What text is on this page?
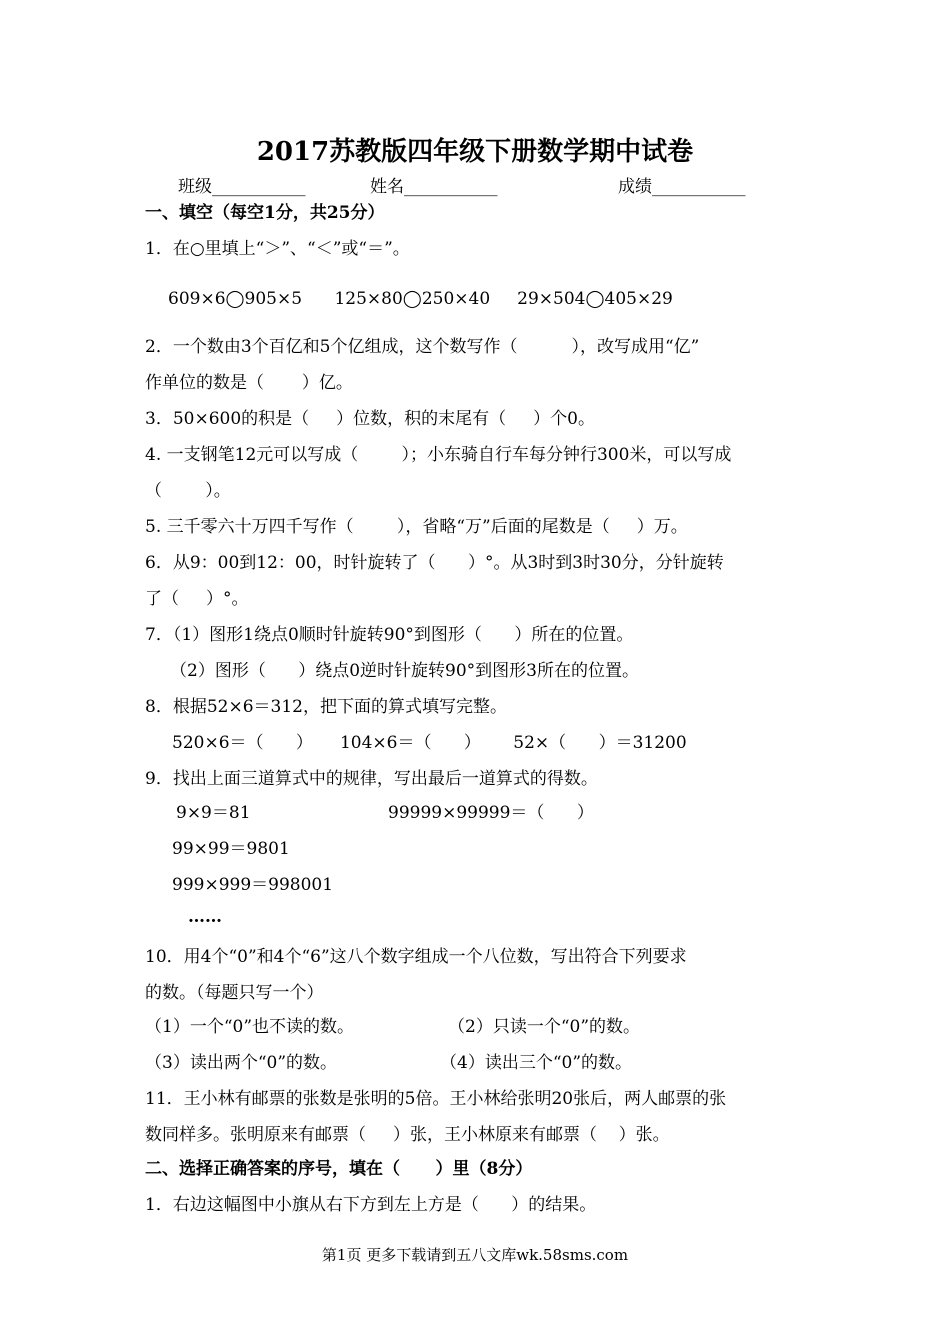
2017苏教版四年级下册数学期中试卷
班级___________	姓名___________	成绩___________
一、填空（每空1分，共25分）
1．在○里填上“＞”、“＜”或“＝”。
609×6◯905×5      125×80◯250×40     29×504◯405×29
2．一个数由3个百亿和5个亿组成，这个数写作（          ），改写成用“亿”
作单位的数是（       ）亿。
3．50×600的积是（     ）位数，积的末尾有（     ）个0。
4. 一支钢笔12元可以写成（        ）；小东骑自行车每分钟行300米，可以写成
（        ）。
5. 三千零六十万四千写作（        ），省略“万”后面的尾数是（     ）万。
6．从9：00到12：00，时针旋转了（      ）°。从3时到3时30分，分针旋转
了（     ）°。
7．（1）图形1绕点0顺时针旋转90°到图形（      ）所在的位置。
（2）图形（      ）绕点0逆时针旋转90°到图形3所在的位置。
8．根据52×6＝312，把下面的算式填写完整。
520×6＝（      ）     104×6＝（      ）      52×（      ）＝31200
9．找出上面三道算式中的规律，写出最后一道算式的得数。
9×9＝81	99999×99999＝（      ）
99×99＝9801
999×999＝998001
……
10．用4个“0”和4个“6”这八个数字组成一个八位数，写出符合下列要求
的数。（每题只写一个）
（1）一个“0”也不读的数。	（2）只读一个“0”的数。
（3）读出两个“0”的数。	（4）读出三个“0”的数。
11．王小林有邮票的张数是张明的5倍。王小林给张明20张后，两人邮票的张
数同样多。张明原来有邮票（     ）张，王小林原来有邮票（    ）张。
二、选择正确答案的序号，填在（      ）里（8分）
1．右边这幅图中小旗从右下方到左上方是（      ）的结果。
第1页 更多下载请到五八文库wk.58sms.com
